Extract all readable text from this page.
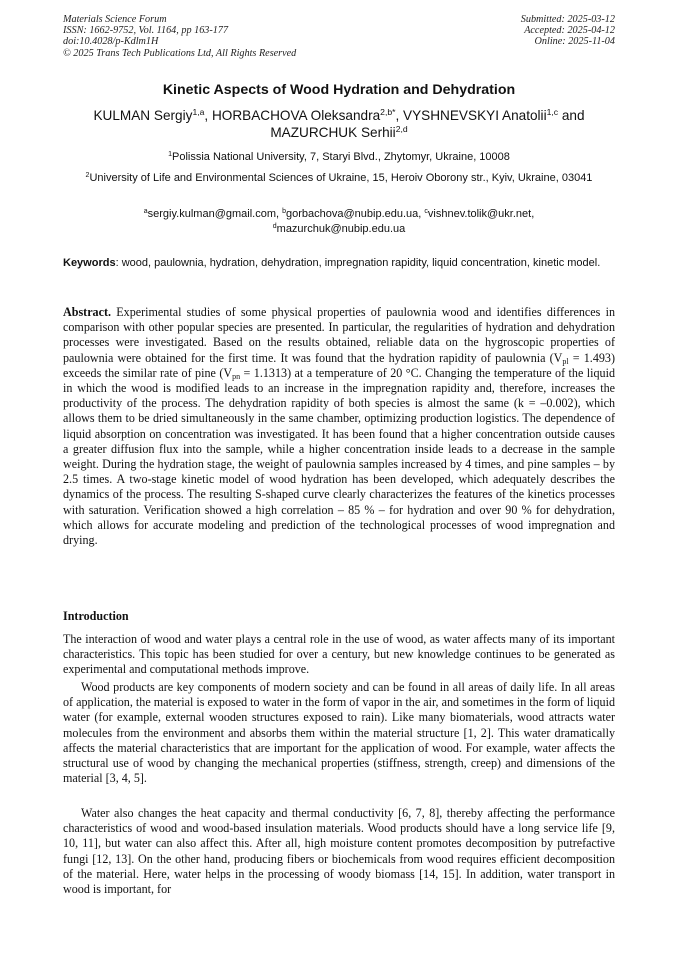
Materials Science Forum
ISSN: 1662-9752, Vol. 1164, pp 163-177
doi:10.4028/p-Kdlm1H
© 2025 Trans Tech Publications Ltd, All Rights Reserved
Submitted: 2025-03-12
Accepted: 2025-04-12
Online: 2025-11-04
Kinetic Aspects of Wood Hydration and Dehydration
KULMAN Sergiy$^{1,a}$, HORBACHOVA Oleksandra$^{2,b*}$, VYSHNEVSKYI Anatolii$^{1,c}$ and
MAZURCHUK Serhii$^{2,d}$
$^1$Polissia National University, 7, Staryi Blvd., Zhytomyr, Ukraine, 10008
$^2$University of Life and Environmental Sciences of Ukraine, 15, Heroiv Oborony str., Kyiv, Ukraine, 03041
$^a$sergiy.kulman@gmail.com, $^b$gorbachova@nubip.edu.ua, $^c$vishnev.tolik@ukr.net,
$^d$mazurchuk@nubip.edu.ua
Keywords: wood, paulownia, hydration, dehydration, impregnation rapidity, liquid concentration, kinetic model.
Abstract. Experimental studies of some physical properties of paulownia wood and identifies differences in comparison with other popular species are presented. In particular, the regularities of hydration and dehydration processes were investigated. Based on the results obtained, reliable data on the hygroscopic properties of paulownia were obtained for the first time. It was found that the hydration rapidity of paulownia $(V_{pl} = 1.493)$ exceeds the similar rate of pine $(V_{pn} = 1.1313)$ at a temperature of 20 °C. Changing the temperature of the liquid in which the wood is modified leads to an increase in the impregnation rapidity and, therefore, increases the productivity of the process. The dehydration rapidity of both species is almost the same (k = –0.002), which allows them to be dried simultaneously in the same chamber, optimizing production logistics. The dependence of liquid absorption on concentration was investigated. It has been found that a higher concentration outside causes a greater diffusion flux into the sample, while a higher concentration inside leads to a decrease in the sample weight. During the hydration stage, the weight of paulownia samples increased by 4 times, and pine samples – by 2.5 times. A two-stage kinetic model of wood hydration has been developed, which adequately describes the dynamics of the process. The resulting S-shaped curve clearly characterizes the features of the kinetics processes with saturation. Verification showed a high correlation – 85 % – for hydration and over 90 % for dehydration, which allows for accurate modeling and prediction of the technological processes of wood impregnation and drying.
Introduction

The interaction of wood and water plays a central role in the use of wood, as water affects many of its important characteristics. This topic has been studied for over a century, but new knowledge continues to be generated as experimental and computational methods improve.

Wood products are key components of modern society and can be found in all areas of daily life. In all areas of application, the material is exposed to water in the form of vapor in the air, and sometimes in the form of liquid water (for example, external wooden structures exposed to rain). Like many biomaterials, wood attracts water molecules from the environment and absorbs them within the material structure [1, 2]. This water dramatically affects the material characteristics that are important for the application of wood. For example, water affects the structural use of wood by changing the mechanical properties (stiffness, strength, creep) and dimensions of the material [3, 4, 5].

Water also changes the heat capacity and thermal conductivity [6, 7, 8], thereby affecting the performance characteristics of wood and wood-based insulation materials. Wood products should have a long service life [9, 10, 11], but water can also affect this. After all, high moisture content promotes decomposition by putrefactive fungi [12, 13]. On the other hand, producing fibers or biochemicals from wood requires efficient decomposition of the material. Here, water helps in the processing of woody biomass [14, 15]. In addition, water transport in wood is important, for
